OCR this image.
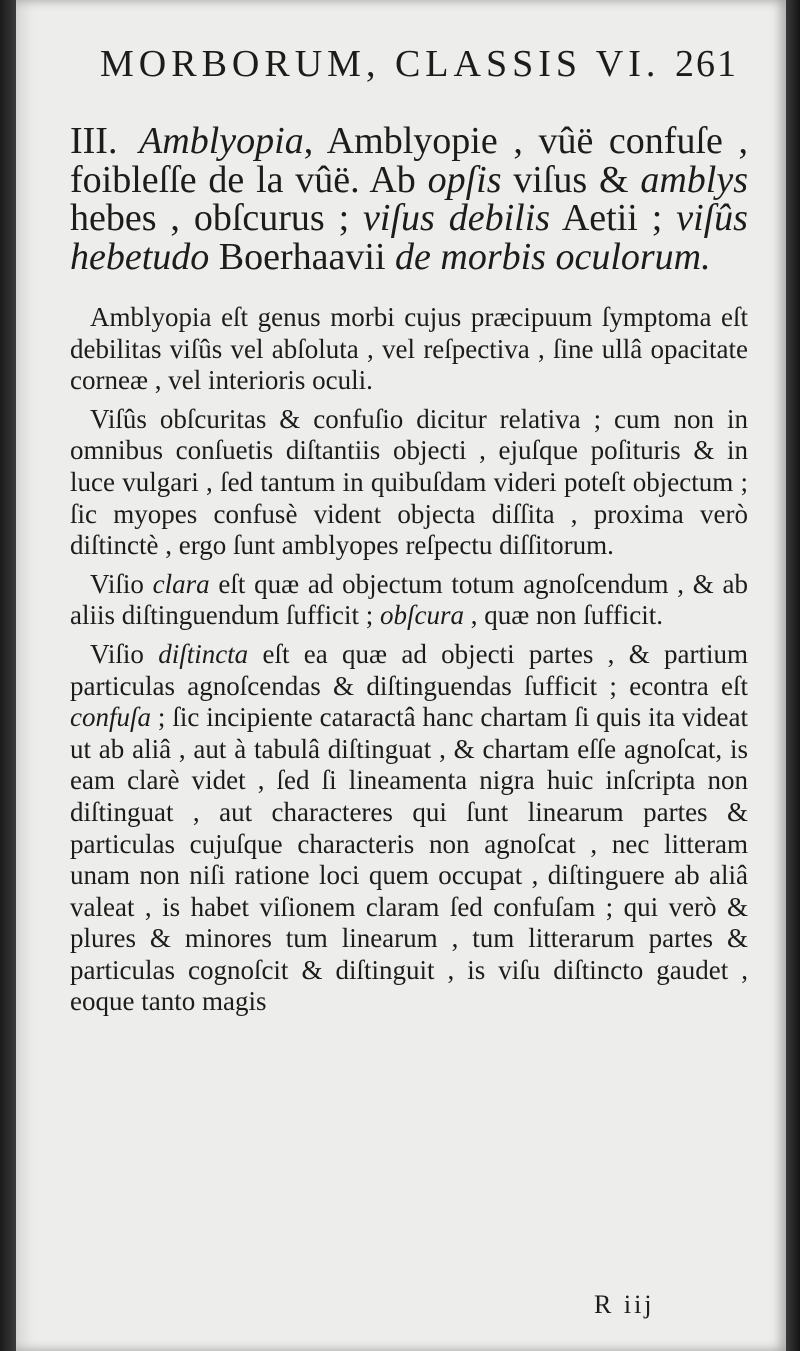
MORBORUM, CLASSIS VI. 261
III. Amblyopia, Amblyopie , vûë confuſe , foibleſſe de la vûë. Ab opſis viſus & amblys hebes , obſcurus ; viſus debilis Aetii ; viſûs hebetudo Boerhaavii de morbis oculorum.

Amblyopia eſt genus morbi cujus præcipuum ſymptoma eſt debilitas viſûs vel abſoluta , vel reſpectiva , ſine ullâ opacitate corneæ , vel interioris oculi.

Viſûs obſcuritas & confuſio dicitur relativa ; cum non in omnibus conſuetis diſtantiis objecti , ejuſque poſituris & in luce vulgari , ſed tantum in quibuſdam videri poteſt objectum ; ſic myopes confusè vident objecta diſſita , proxima verò diſtinctè , ergo ſunt amblyopes reſpectu diſſitorum.

Viſio clara eſt quæ ad objectum totum agnoſcendum , & ab aliis diſtinguendum ſufficit ; obſcura , quæ non ſufficit.

Viſio diſtincta eſt ea quæ ad objecti partes , & partium particulas agnoſcendas & diſtinguendas ſufficit ; econtra eſt confuſa ; ſic incipiente cataractâ hanc chartam ſi quis ita videat ut ab aliâ , aut à tabulâ diſtinguat , & chartam eſſe agnoſcat, is eam clarè videt , ſed ſi lineamenta nigra huic inſcripta non diſtinguat , aut characteres qui ſunt linearum partes & particulas cujuſque characteris non agnoſcat , nec litteram unam non niſi ratione loci quem occupat , diſtinguere ab aliâ valeat , is habet viſionem claram ſed confuſam ; qui verò & plures & minores tum linearum , tum litterarum partes & particulas cognoſcit & diſtinguit , is viſu diſtincto gaudet , eoque tanto magis

R iij
